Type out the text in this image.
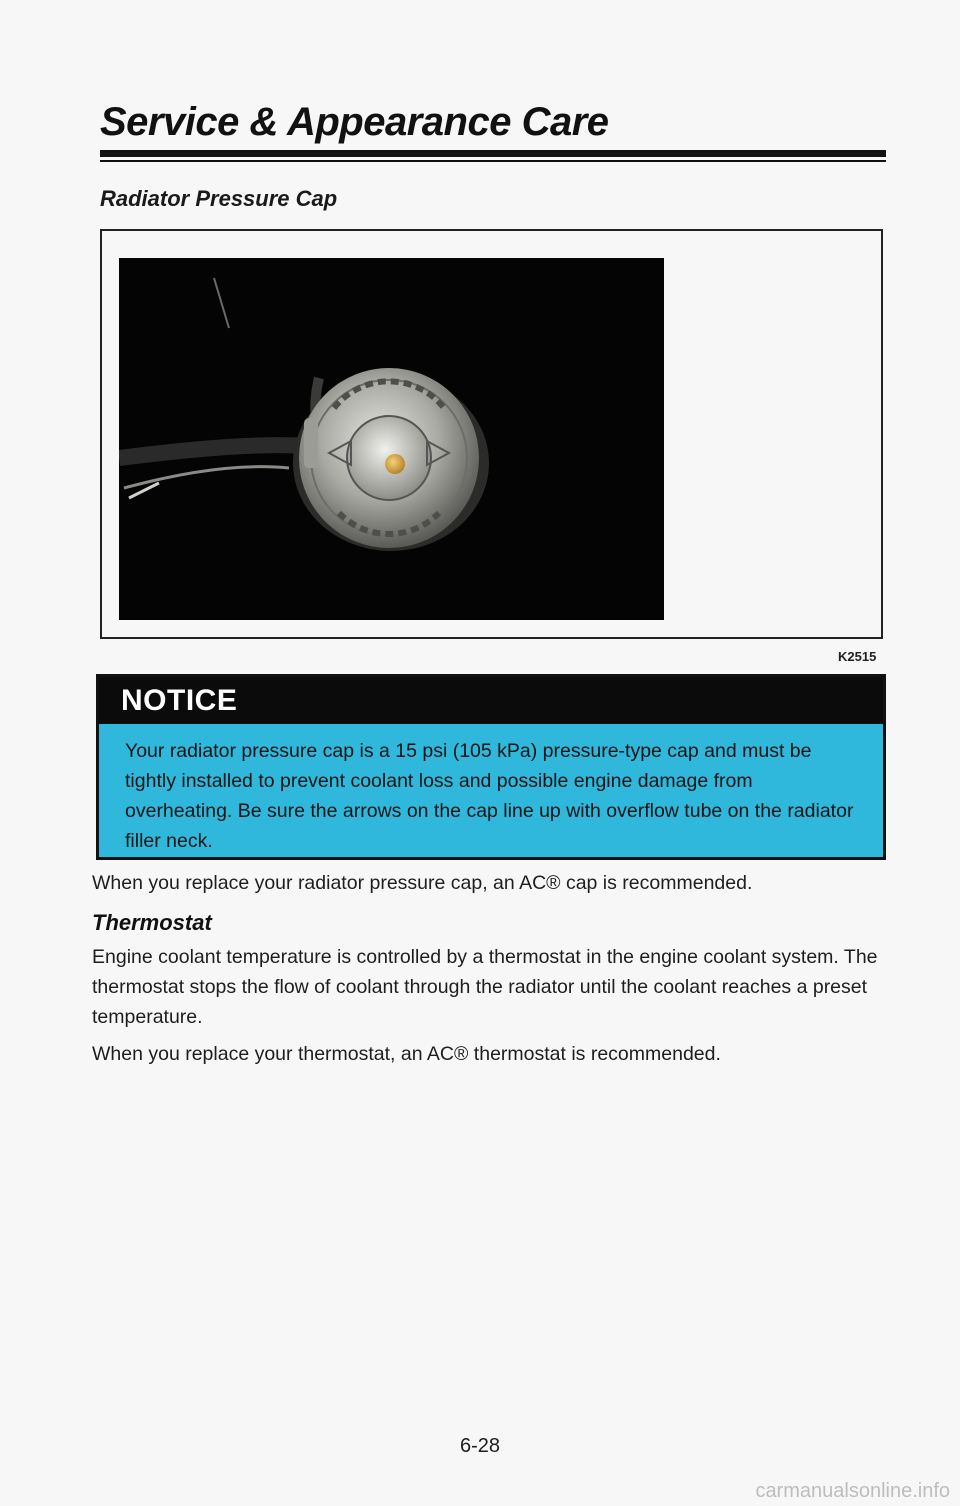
Service & Appearance Care
Radiator Pressure Cap
K2515
NOTICE
Your radiator pressure cap is a 15 psi (105 kPa) pressure-type cap and must be tightly installed to prevent coolant loss and possible engine damage from overheating. Be sure the arrows on the cap line up with overflow tube on the radiator filler neck.

When you replace your radiator pressure cap, an AC® cap is recommended.

Thermostat

Engine coolant temperature is controlled by a thermostat in the engine coolant system. The thermostat stops the flow of coolant through the radiator until the coolant reaches a preset temperature.

When you replace your thermostat, an AC® thermostat is recommended.

6-28
carmanualsonline.info
